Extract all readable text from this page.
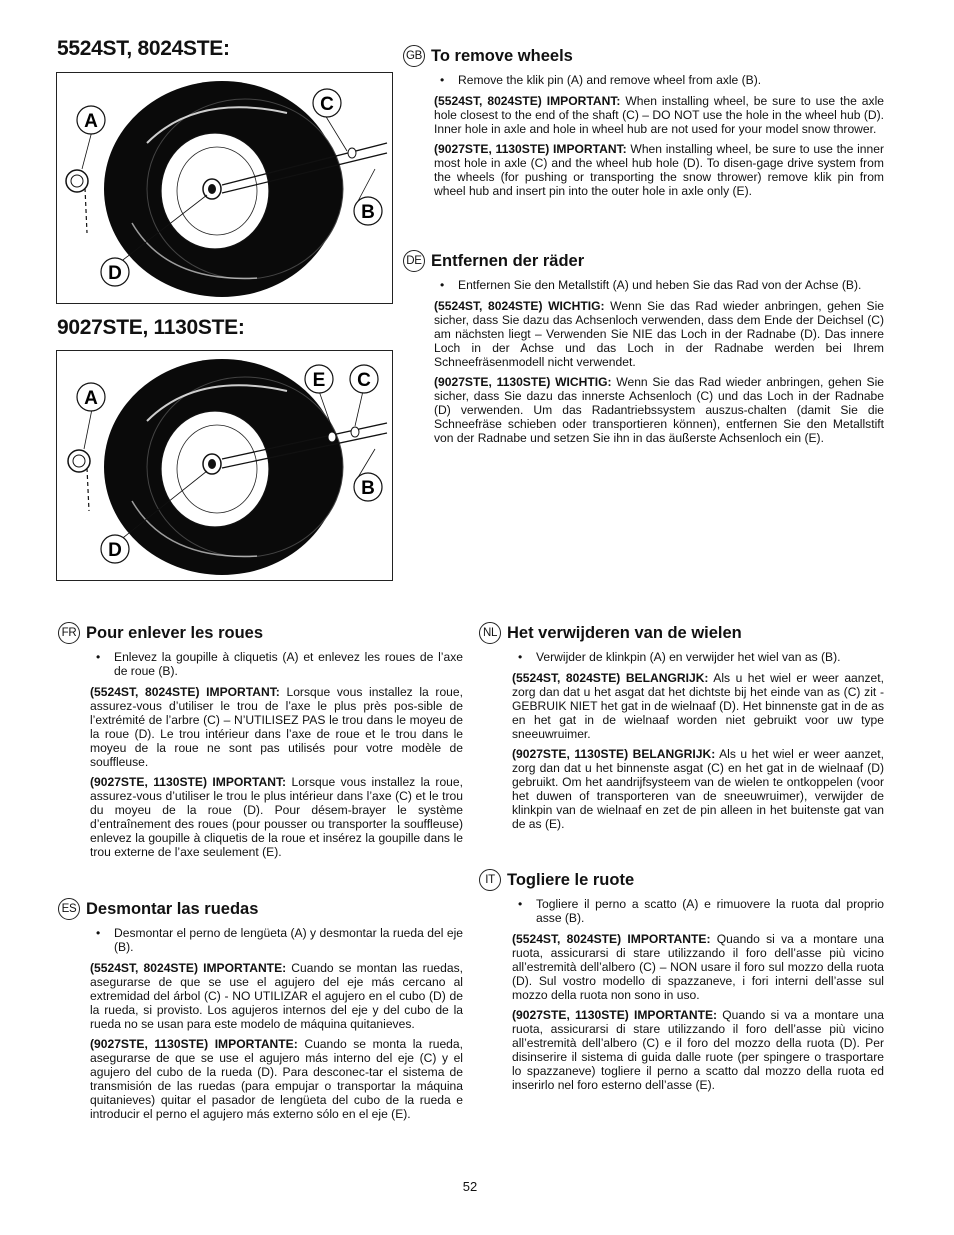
5524ST, 8024STE:
9027STE, 1130STE:
A
C
B
D
A
E C
B
D
GB To remove wheels
•	Remove the klik pin (A) and remove wheel from axle (B).

(5524ST, 8024STE) IMPORTANT: When installing wheel, be sure to use the axle hole closest to the end of the shaft (C) – DO NOT use the hole in the wheel hub (D). Inner hole in axle and hole in wheel hub are not used for your model snow thrower.

(9027STE, 1130STE) IMPORTANT: When installing wheel, be sure to use the inner most hole in axle (C) and the wheel hub hole (D). To disen-gage drive system from the wheels (for pushing or transporting the snow thrower) remove klik pin from wheel hub and insert pin into the outer hole in axle only (E).

DE Entfernen der räder
•	Entfernen Sie den Metallstift (A) und heben Sie das Rad von der Achse (B).

(5524ST, 8024STE) WICHTIG: Wenn Sie das Rad wieder anbringen, gehen Sie sicher, dass Sie dazu das Achsenloch verwenden, dass dem Ende der Deichsel (C) am nächsten liegt – Verwenden Sie NIE das Loch in der Radnabe (D). Das innere Loch in der Achse und das Loch in der Radnabe werden bei Ihrem Schneefräsenmodell nicht verwendet.

(9027STE, 1130STE) WICHTIG: Wenn Sie das Rad wieder anbringen, gehen Sie sicher, dass Sie dazu das innerste Achsenloch (C) und das Loch in der Radnabe (D) verwenden. Um das Radantriebssystem auszus-chalten (damit Sie die Schneefräse schieben oder transportieren können), entfernen Sie den Metallstift von der Radnabe und setzen Sie ihn in das äußerste Achsenloch ein (E).

FR Pour enlever les roues
•	Enlevez la goupille à cliquetis (A) et enlevez les roues de l’axe de roue (B).

(5524ST, 8024STE) IMPORTANT: Lorsque vous installez la roue, assurez-vous d’utiliser le trou de l’axe le plus près pos-sible de l’extrémité de l’arbre (C) – N’UTILISEZ PAS le trou dans le moyeu de la roue (D). Le trou intérieur dans l’axe de roue et le trou dans le moyeu de la roue ne sont pas utilisés pour votre modèle de souffleuse.

(9027STE, 1130STE) IMPORTANT: Lorsque vous installez la roue, assurez-vous d’utiliser le trou le plus intérieur dans l’axe (C) et le trou du moyeu de la roue (D). Pour désem-brayer le système d’entraînement des roues (pour pousser ou transporter la souffleuse) enlevez la goupille à cliquetis de la roue et insérez la goupille dans le trou externe de l’axe seulement (E).

ES Desmontar las ruedas
•	Desmontar el perno de lengüeta (A) y desmontar la rueda del eje (B).

(5524ST, 8024STE) IMPORTANTE: Cuando se montan las ruedas, asegurarse de que se use el agujero del eje más cercano al extremidad del árbol (C) - NO UTILIZAR el agujero en el cubo (D) de la rueda, si provisto. Los agujeros internos del eje y del cubo de la rueda no se usan para este modelo de máquina quitanieves.

(9027STE, 1130STE) IMPORTANTE: Cuando se monta la rueda, asegurarse de que se use el agujero más interno del eje (C) y el agujero del cubo de la rueda (D). Para desconec-tar el sistema de transmisión de las ruedas (para empujar o transportar la máquina quitanieves) quitar el pasador de lengüeta del cubo de la rueda e introducir el perno el agujero más externo sólo en el eje (E).

NL Het verwijderen van de wielen
•	Verwijder de klinkpin (A) en verwijder het wiel van as (B).

(5524ST, 8024STE) BELANGRIJK: Als u het wiel er weer aanzet, zorg dan dat u het asgat dat het dichtste bij het einde van as (C) zit - GEBRUIK NIET het gat in de wielnaaf (D). Het binnenste gat in de as en het gat in de wielnaaf worden niet gebruikt voor uw type sneeuwruimer.

(9027STE, 1130STE) BELANGRIJK: Als u het wiel er weer aanzet, zorg dan dat u het binnenste asgat (C) en het gat in de wielnaaf (D) gebruikt. Om het aandrijfsysteem van de wielen te ontkoppelen (voor het duwen of transporteren van de sneeuwruimer), verwijder de klinkpin van de wielnaaf en zet de pin alleen in het buitenste gat van de as (E).

IT Togliere le ruote
•	Togliere il perno a scatto (A) e rimuovere la ruota dal proprio asse (B).

(5524ST, 8024STE) IMPORTANTE: Quando si va a montare una ruota, assicurarsi di stare utilizzando il foro dell’asse più vicino all’estremità dell’albero (C) – NON usare il foro sul mozzo della ruota (D). Sul vostro modello di spazzaneve, i fori interni dell’asse sul mozzo della ruota non sono in uso.

(9027STE, 1130STE) IMPORTANTE: Quando si va a montare una ruota, assicurarsi di stare utilizzando il foro dell’asse più vicino all’estremità dell’albero (C) e il foro del mozzo della ruota (D). Per disinserire il sistema di guida dalle ruote (per spingere o trasportare lo spazzaneve) togliere il perno a scatto dal mozzo della ruota ed inserirlo nel foro esterno dell’asse (E).

52
